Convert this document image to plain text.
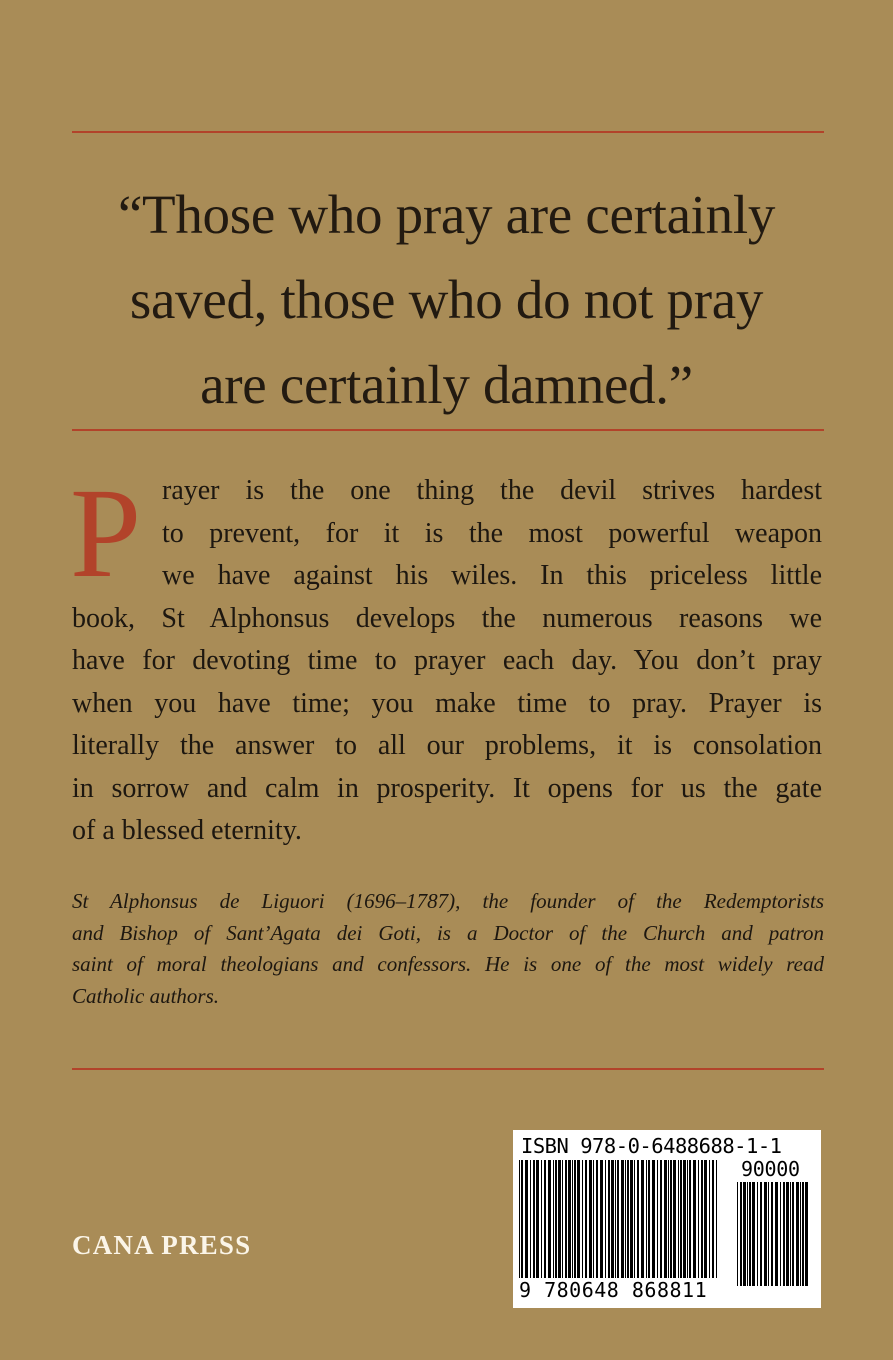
“Those who pray are certainly
saved, those who do not pray
are certainly damned.”
P rayer is the one thing the devil strives hardest
to prevent, for it is the most powerful weapon
we have against his wiles. In this priceless little
book, St Alphonsus develops the numerous reasons we
have for devoting time to prayer each day. You don’t pray
when you have time; you make time to pray. Prayer is
literally the answer to all our problems, it is consolation
in sorrow and calm in prosperity. It opens for us the gate
of a blessed eternity.
St Alphonsus de Liguori (1696–1787), the founder of the Redemptorists
and Bishop of Sant’Agata dei Goti, is a Doctor of the Church and patron
saint of moral theologians and confessors. He is one of the most widely read
Catholic authors.
CANA PRESS
ISBN 978-0-6488688-1-1
90000
9 780648 868811
